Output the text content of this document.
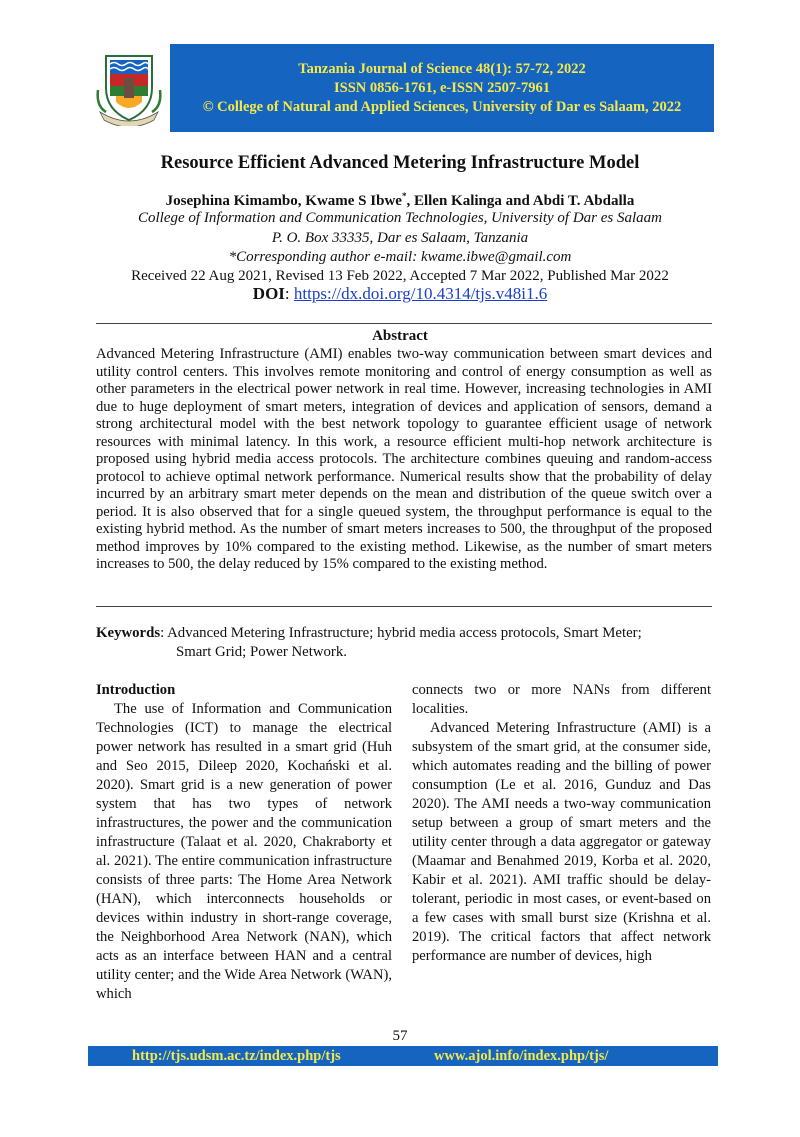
Tanzania Journal of Science 48(1): 57-72, 2022
ISSN 0856-1761, e-ISSN 2507-7961
© College of Natural and Applied Sciences, University of Dar es Salaam, 2022
Resource Efficient Advanced Metering Infrastructure Model
Josephina Kimambo, Kwame S Ibwe*, Ellen Kalinga and Abdi T. Abdalla
College of Information and Communication Technologies, University of Dar es Salaam
P. O. Box 33335, Dar es Salaam, Tanzania
*Corresponding author e-mail: kwame.ibwe@gmail.com
Received 22 Aug 2021, Revised 13 Feb 2022, Accepted 7 Mar 2022, Published Mar 2022
DOI: https://dx.doi.org/10.4314/tjs.v48i1.6
Abstract
Advanced Metering Infrastructure (AMI) enables two-way communication between smart devices and utility control centers. This involves remote monitoring and control of energy consumption as well as other parameters in the electrical power network in real time. However, increasing technologies in AMI due to huge deployment of smart meters, integration of devices and application of sensors, demand a strong architectural model with the best network topology to guarantee efficient usage of network resources with minimal latency. In this work, a resource efficient multi-hop network architecture is proposed using hybrid media access protocols. The architecture combines queuing and random-access protocol to achieve optimal network performance. Numerical results show that the probability of delay incurred by an arbitrary smart meter depends on the mean and distribution of the queue switch over a period. It is also observed that for a single queued system, the throughput performance is equal to the existing hybrid method. As the number of smart meters increases to 500, the throughput of the proposed method improves by 10% compared to the existing method. Likewise, as the number of smart meters increases to 500, the delay reduced by 15% compared to the existing method.
Keywords: Advanced Metering Infrastructure; hybrid media access protocols, Smart Meter;
Smart Grid; Power Network.

Introduction

The use of Information and Communication Technologies (ICT) to manage the electrical power network has resulted in a smart grid (Huh and Seo 2015, Dileep 2020, Kochański et al. 2020). Smart grid is a new generation of power system that has two types of network infrastructures, the power and the communication infrastructure (Talaat et al. 2020, Chakraborty et al. 2021). The entire communication infrastructure consists of three parts: The Home Area Network (HAN), which interconnects households or devices within industry in short-range coverage, the Neighborhood Area Network (NAN), which acts as an interface between HAN and a central utility center; and the Wide Area Network (WAN), which

connects two or more NANs from different localities.

Advanced Metering Infrastructure (AMI) is a subsystem of the smart grid, at the consumer side, which automates reading and the billing of power consumption (Le et al. 2016, Gunduz and Das 2020). The AMI needs a two-way communication setup between a group of smart meters and the utility center through a data aggregator or gateway (Maamar and Benahmed 2019, Korba et al. 2020, Kabir et al. 2021). AMI traffic should be delay-tolerant, periodic in most cases, or event-based on a few cases with small burst size (Krishna et al. 2019). The critical factors that affect network performance are number of devices, high

57
http://tjs.udsm.ac.tz/index.php/tjs	www.ajol.info/index.php/tjs/
